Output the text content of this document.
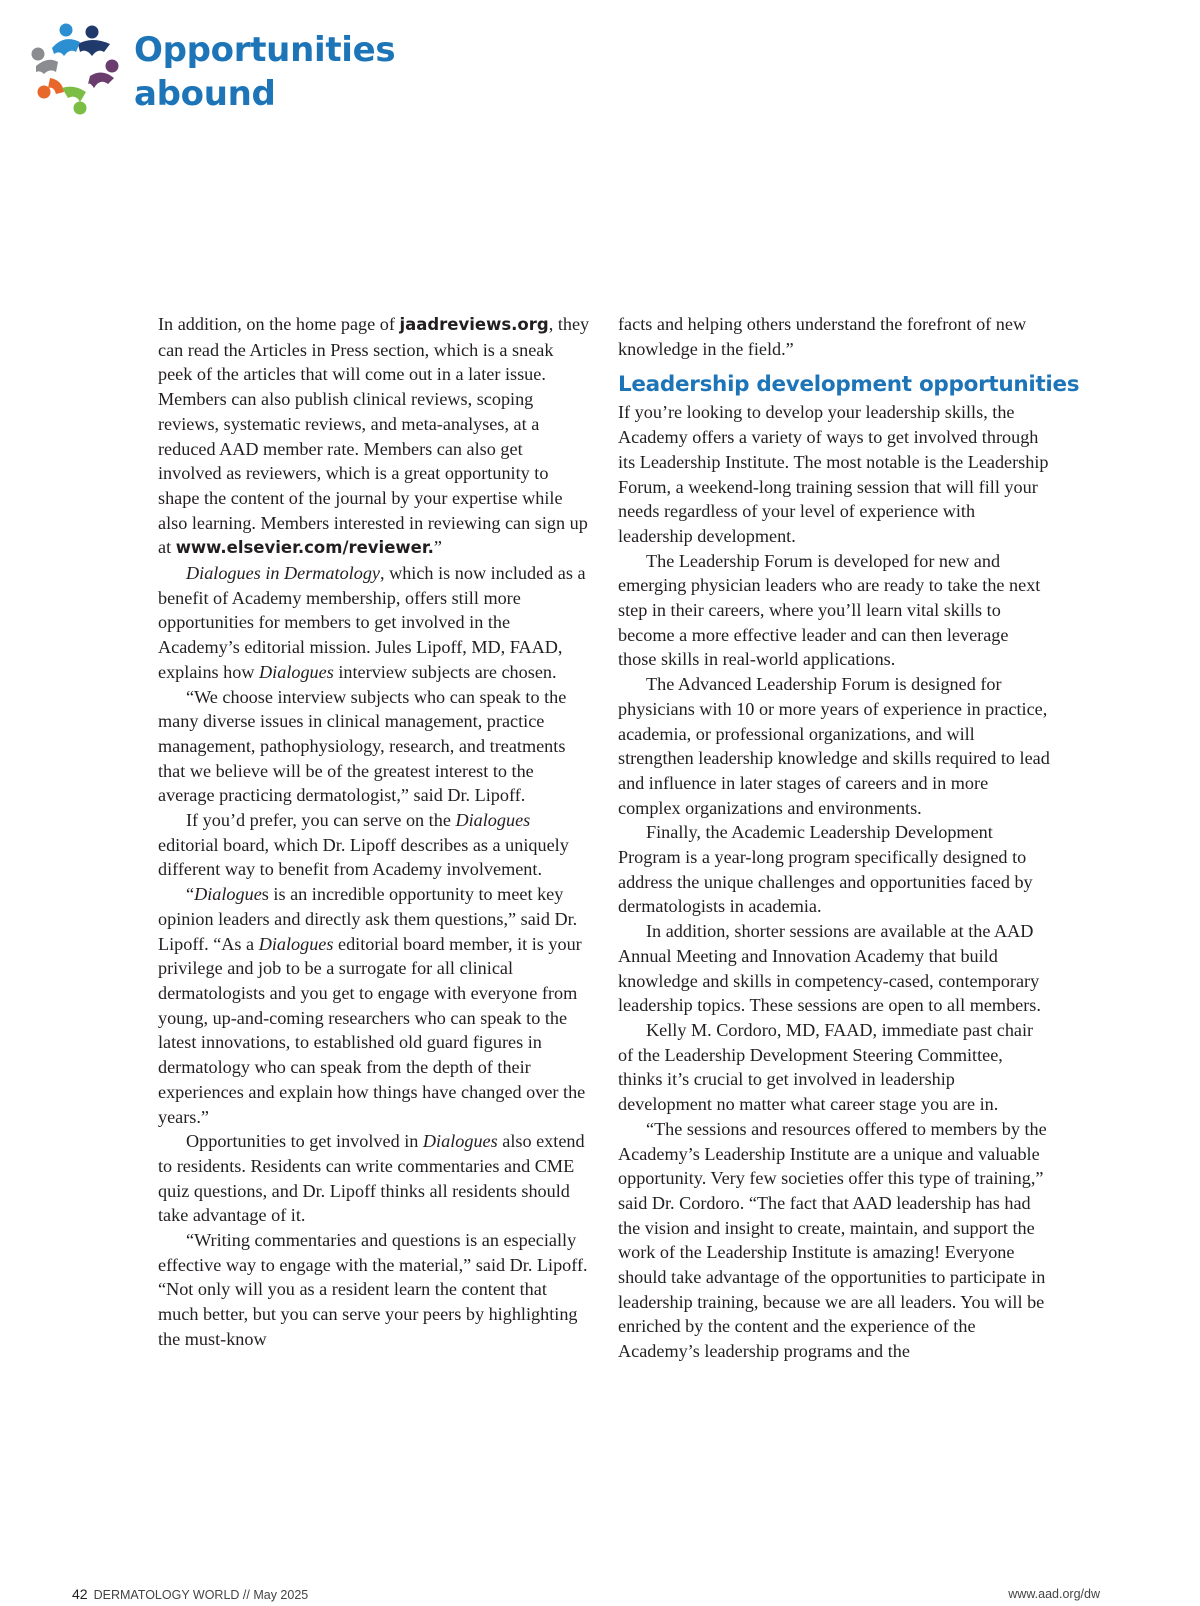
Opportunities
abound

In addition, on the home page of jaadreviews.org, they can read the Articles in Press section, which is a sneak peek of the articles that will come out in a later issue. Members can also publish clinical reviews, scoping reviews, systematic reviews, and meta-analyses, at a reduced AAD member rate. Members can also get involved as reviewers, which is a great opportunity to shape the content of the journal by your expertise while also learning. Members interested in reviewing can sign up at www.elsevier.com/reviewer.”

Dialogues in Dermatology, which is now included as a benefit of Academy membership, offers still more opportunities for members to get involved in the Academy’s editorial mission. Jules Lipoff, MD, FAAD, explains how Dialogues interview subjects are chosen.

“We choose interview subjects who can speak to the many diverse issues in clinical management, practice management, pathophysiology, research, and treatments that we believe will be of the greatest interest to the average practicing dermatologist,” said Dr. Lipoff.

If you’d prefer, you can serve on the Dialogues editorial board, which Dr. Lipoff describes as a uniquely different way to benefit from Academy involvement.

“Dialogues is an incredible opportunity to meet key opinion leaders and directly ask them questions,” said Dr. Lipoff. “As a Dialogues editorial board member, it is your privilege and job to be a surrogate for all clinical dermatologists and you get to engage with everyone from young, up-and-coming researchers who can speak to the latest innovations, to established old guard figures in dermatology who can speak from the depth of their experiences and explain how things have changed over the years.”

Opportunities to get involved in Dialogues also extend to residents. Residents can write commentaries and CME quiz questions, and Dr. Lipoff thinks all residents should take advantage of it.

“Writing commentaries and questions is an especially effective way to engage with the material,” said Dr. Lipoff. “Not only will you as a resident learn the content that much better, but you can serve your peers by highlighting the must-know

facts and helping others understand the forefront of new knowledge in the field.”

Leadership development opportunities

If you’re looking to develop your leadership skills, the Academy offers a variety of ways to get involved through its Leadership Institute. The most notable is the Leadership Forum, a weekend-long training session that will fill your needs regardless of your level of experience with leadership development.

The Leadership Forum is developed for new and emerging physician leaders who are ready to take the next step in their careers, where you’ll learn vital skills to become a more effective leader and can then leverage those skills in real-world applications.

The Advanced Leadership Forum is designed for physicians with 10 or more years of experience in practice, academia, or professional organizations, and will strengthen leadership knowledge and skills required to lead and influence in later stages of careers and in more complex organizations and environments.

Finally, the Academic Leadership Development Program is a year-long program specifically designed to address the unique challenges and opportunities faced by dermatologists in academia.

In addition, shorter sessions are available at the AAD Annual Meeting and Innovation Academy that build knowledge and skills in competency-cased, contemporary leadership topics. These sessions are open to all members.

Kelly M. Cordoro, MD, FAAD, immediate past chair of the Leadership Development Steering Committee, thinks it’s crucial to get involved in leadership development no matter what career stage you are in.

“The sessions and resources offered to members by the Academy’s Leadership Institute are a unique and valuable opportunity. Very few societies offer this type of training,” said Dr. Cordoro. “The fact that AAD leadership has had the vision and insight to create, maintain, and support the work of the Leadership Institute is amazing! Everyone should take advantage of the opportunities to participate in leadership training, because we are all leaders. You will be enriched by the content and the experience of the Academy’s leadership programs and the

42 DERMATOLOGY WORLD // May 2025	www.aad.org/dw
